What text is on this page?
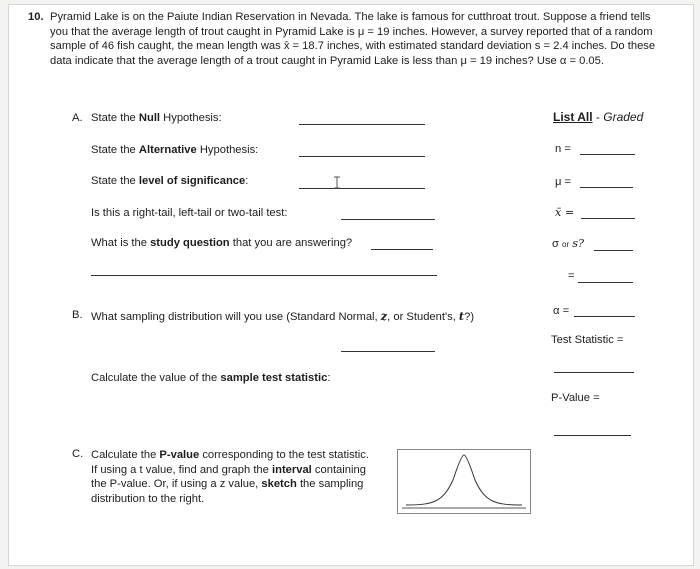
10. Pyramid Lake is on the Paiute Indian Reservation in Nevada. The lake is famous for cutthroat trout. Suppose a friend tells you that the average length of trout caught in Pyramid Lake is μ = 19 inches. However, a survey reported that of a random sample of 46 fish caught, the mean length was x̄ = 18.7 inches, with estimated standard deviation s = 2.4 inches. Do these data indicate that the average length of a trout caught in Pyramid Lake is less than μ = 19 inches? Use α = 0.05.
A. State the Null Hypothesis:
State the Alternative Hypothesis:
State the level of significance:
Is this a right-tail, left-tail or two-tail test:
What is the study question that you are answering?
B. What sampling distribution will you use (Standard Normal, z, or Student's, t?)
Calculate the value of the sample test statistic:
C. Calculate the P-value corresponding to the test statistic.
If using a t value, find and graph the interval containing
the P-value. Or, if using a z value, sketch the sampling
distribution to the right.
List All - Graded
n =
μ =
x̄ =
σ or s?
=
α =
Test Statistic =
P-Value =
